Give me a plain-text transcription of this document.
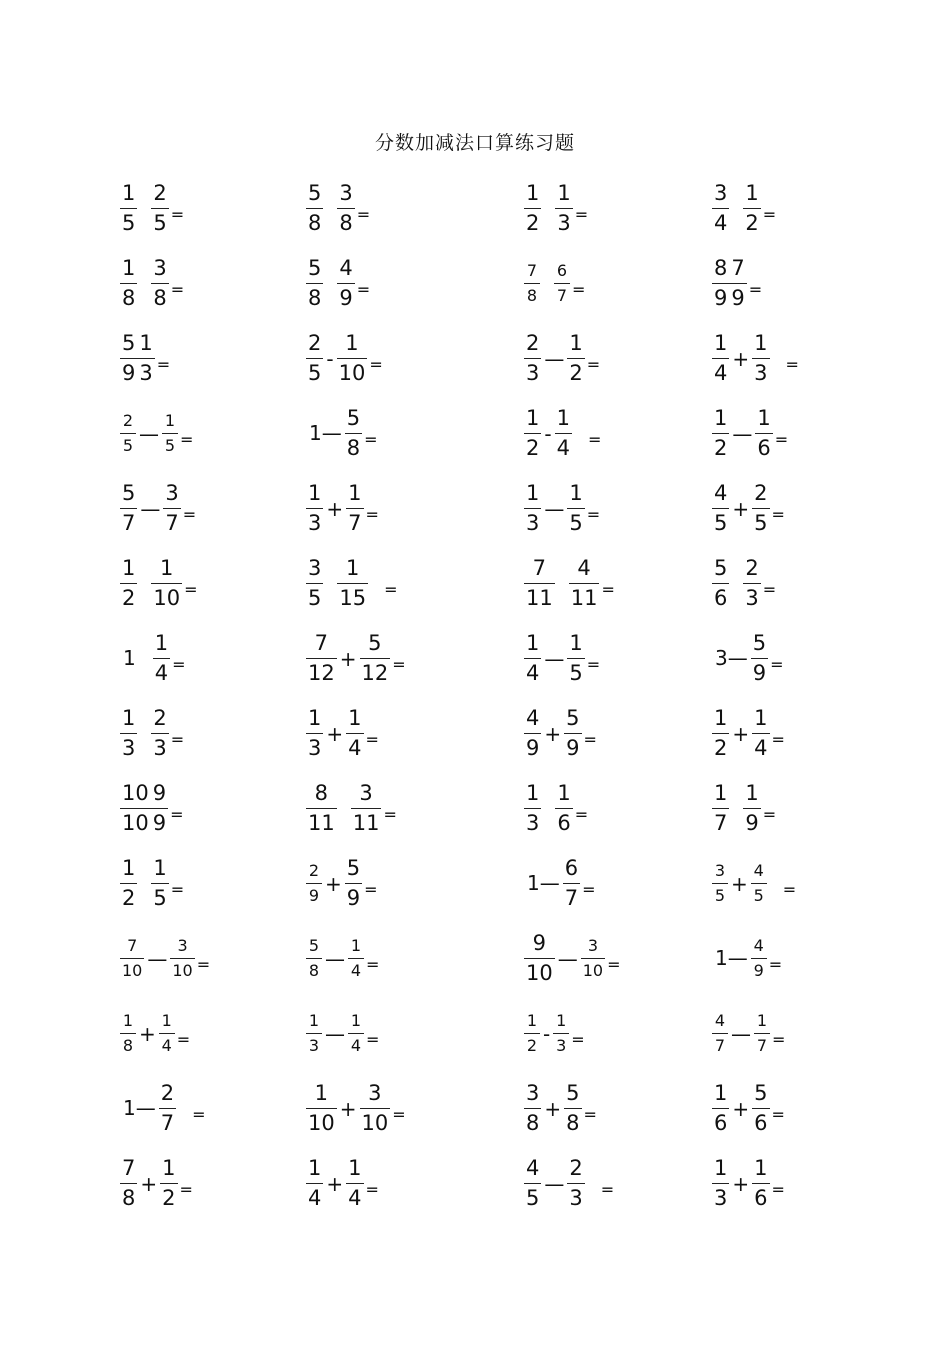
分数加减法口算练习题
$\frac{1}{5} \frac{2}{5}$ =	$\frac{5}{8} \frac{3}{8}$ =	$\frac{1}{2} \frac{1}{3}$ =	$\frac{3}{4} \frac{1}{2}$ =
$\frac{1}{8} \frac{3}{8}$ =	$\frac{5}{8} \frac{4}{9}$ =	$\frac{7}{8} \frac{6}{7}$ =	$\frac{8}{9} \frac{7}{9}$ =
$\frac{5}{9} \frac{1}{3}$ =	$\frac{2}{5} - \frac{1}{10}$ =	$\frac{2}{3}$ — $\frac{1}{2}$ =	$\frac{1}{4} + \frac{1}{3}$ =
$\frac{2}{5}$ — $\frac{1}{5}$ =	1— $\frac{5}{8}$ =	$\frac{1}{2} - \frac{1}{4}$ =	$\frac{1}{2}$ — $\frac{1}{6}$ =
$\frac{5}{7}$ — $\frac{3}{7}$ =	$\frac{1}{3} + \frac{1}{7}$ =	$\frac{1}{3}$ — $\frac{1}{5}$ =	$\frac{4}{5} + \frac{2}{5}$ =
$\frac{1}{2} \frac{1}{10}$ =	$\frac{3}{5} \frac{1}{15}$ =	$\frac{7}{11} \frac{4}{11}$ =	$\frac{5}{6} \frac{2}{3}$ =
$1 \frac{1}{4}$ =	$\frac{7}{12} + \frac{5}{12}$ =	$\frac{1}{4}$ — $\frac{1}{5}$ =	3— $\frac{5}{9}$ =
$\frac{1}{3} \frac{2}{3}$ =	$\frac{1}{3} + \frac{1}{4}$ =	$\frac{4}{9} + \frac{5}{9}$ =	$\frac{1}{2} + \frac{1}{4}$ =
$\frac{10}{10} \frac{9}{9}$ =	$\frac{8}{11} \frac{3}{11}$ =	$\frac{1}{3} \frac{1}{6}$ =	$\frac{1}{7} \frac{1}{9}$ =
$\frac{1}{2} \frac{1}{5}$ =	$\frac{2}{9} + \frac{5}{9}$ =	1— $\frac{6}{7}$ =	$\frac{3}{5} + \frac{4}{5}$ =
$\frac{7}{10}$ — $\frac{3}{10}$ =	$\frac{5}{8}$ — $\frac{1}{4}$ =	$\frac{9}{10}$ — $\frac{3}{10}$ =	1— $\frac{4}{9}$ =
$\frac{1}{8} + \frac{1}{4}$ =	$\frac{1}{3}$ — $\frac{1}{4}$ =	$\frac{1}{2} - \frac{1}{3}$ =	$\frac{4}{7}$ — $\frac{1}{7}$ =
1— $\frac{2}{7}$ =	$\frac{1}{10} + \frac{3}{10}$ =	$\frac{3}{8} + \frac{5}{8}$ =	$\frac{1}{6} + \frac{5}{6}$ =
$\frac{7}{8} + \frac{1}{2}$ =	$\frac{1}{4} + \frac{1}{4}$ =	$\frac{4}{5}$ — $\frac{2}{3}$ =	$\frac{1}{3} + \frac{1}{6}$ =
